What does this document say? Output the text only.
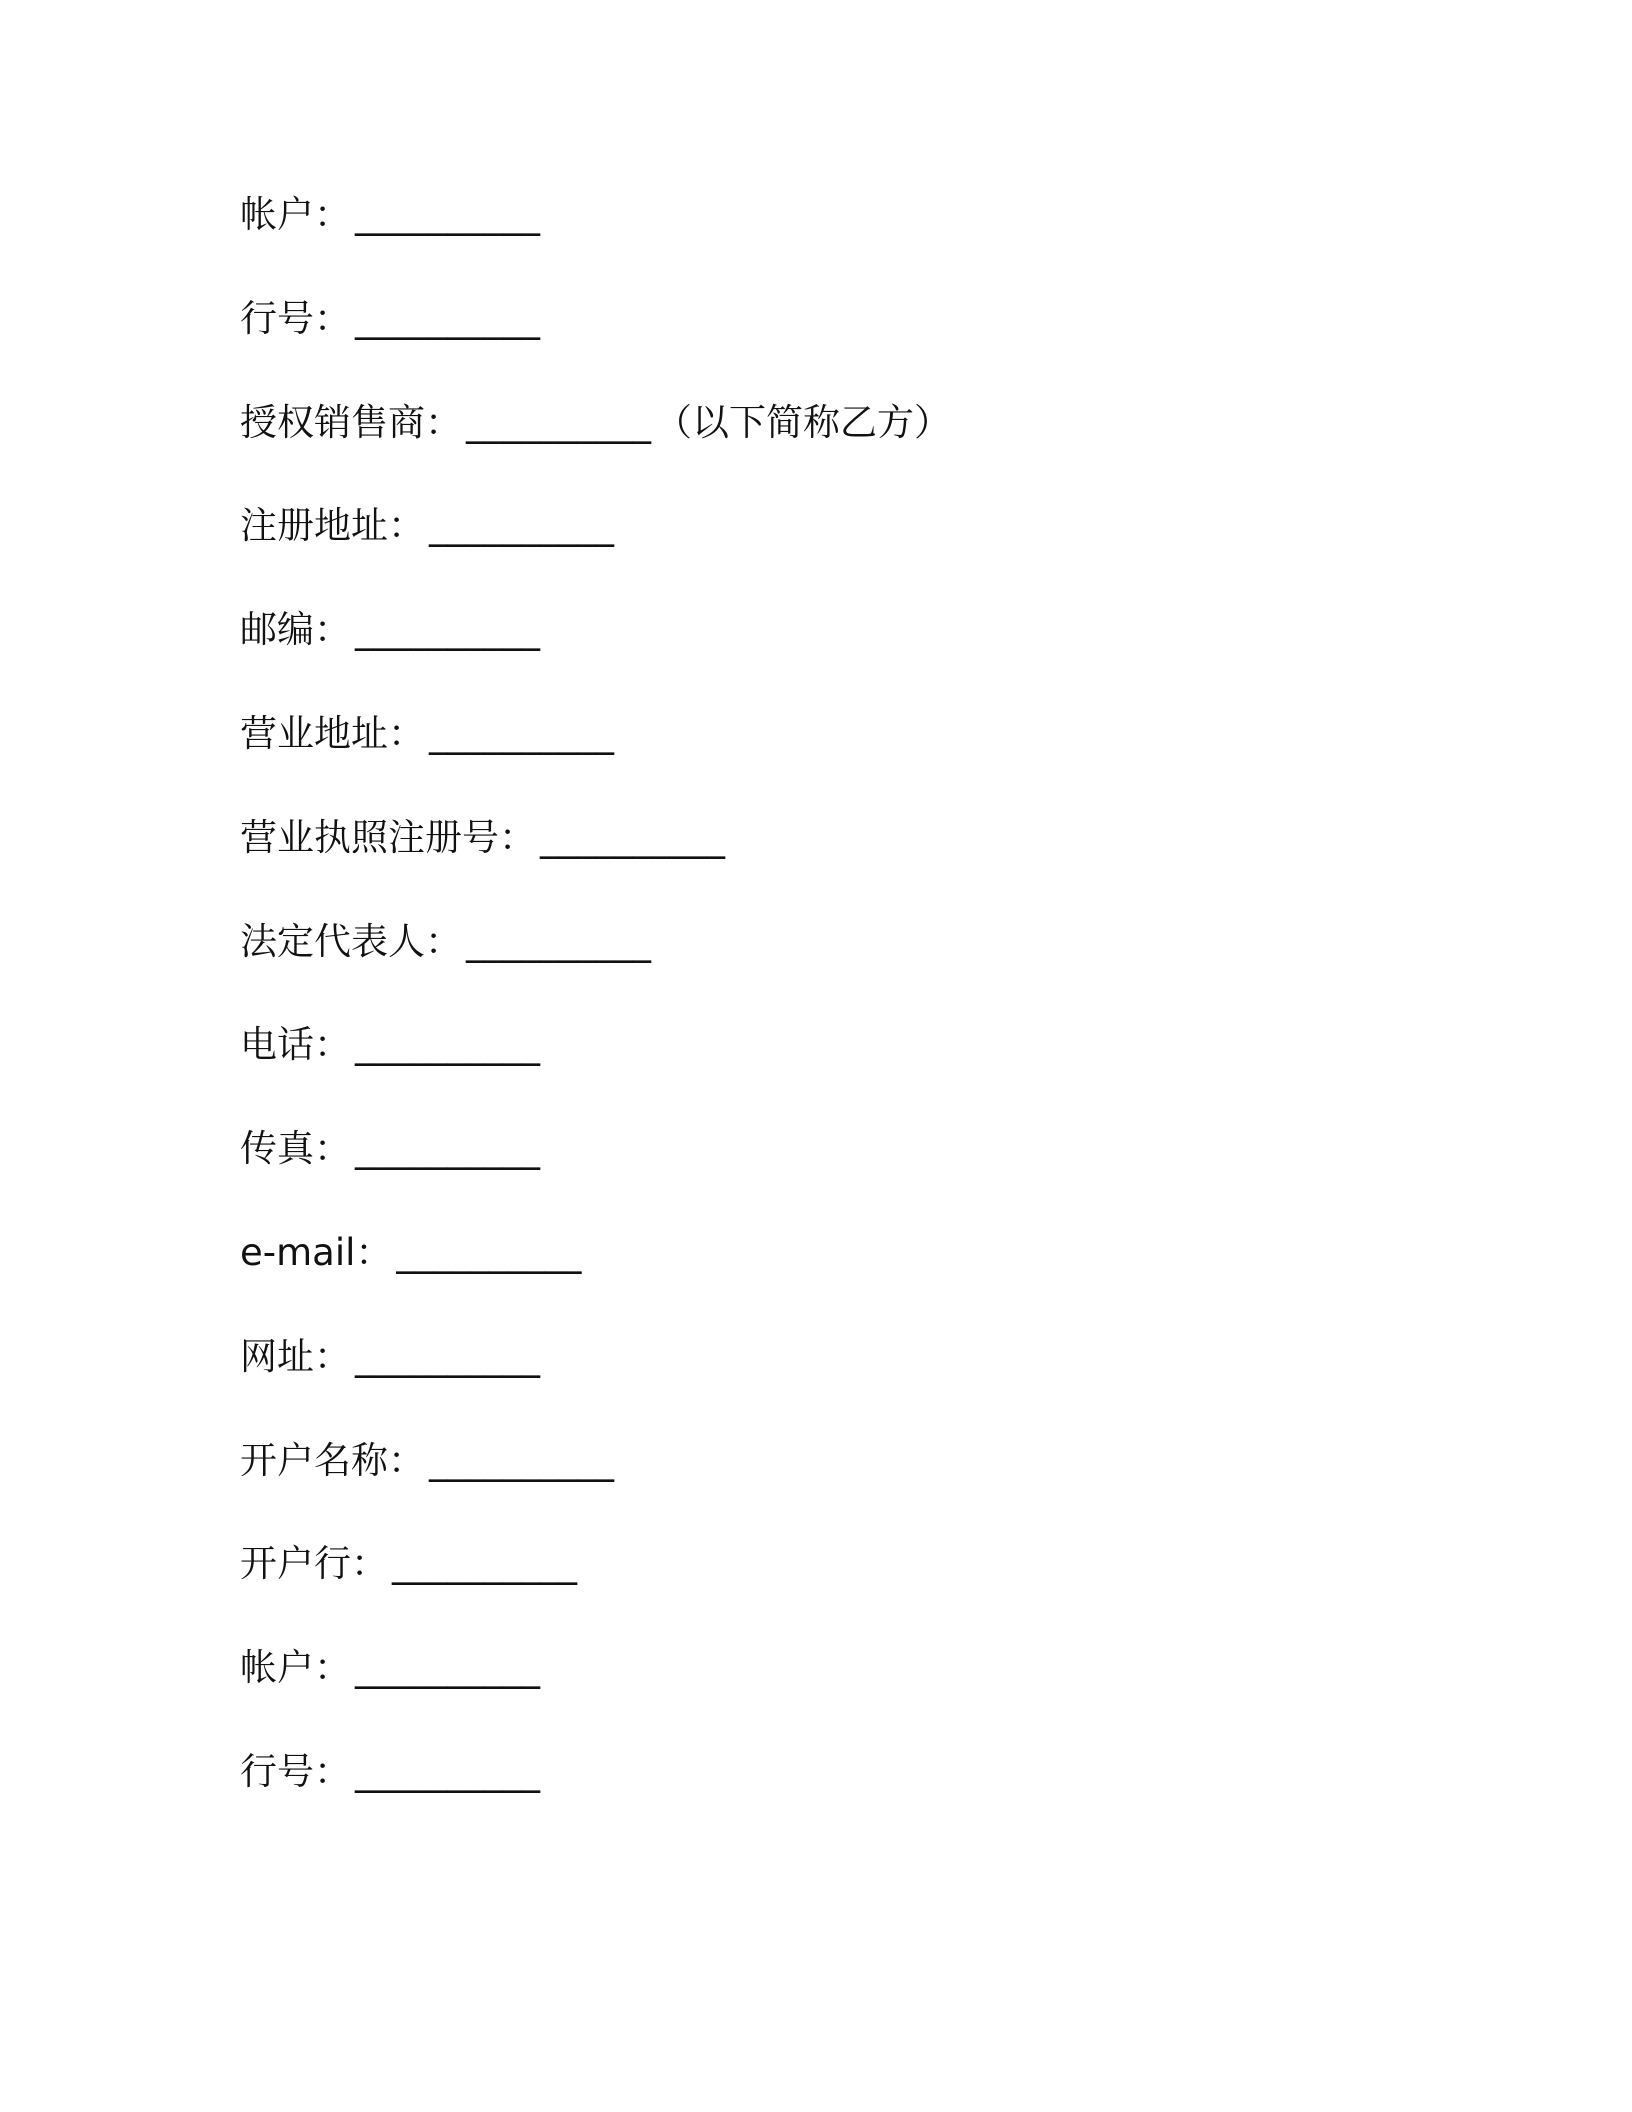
帐户： __________
行号： __________
授权销售商： __________ （以下简称乙方）
注册地址： __________
邮编： __________
营业地址： __________
营业执照注册号： __________
法定代表人： __________
电话： __________
传真： __________
e-mail： __________
网址： __________
开户名称： __________
开户行： __________
帐户： __________
行号： __________
